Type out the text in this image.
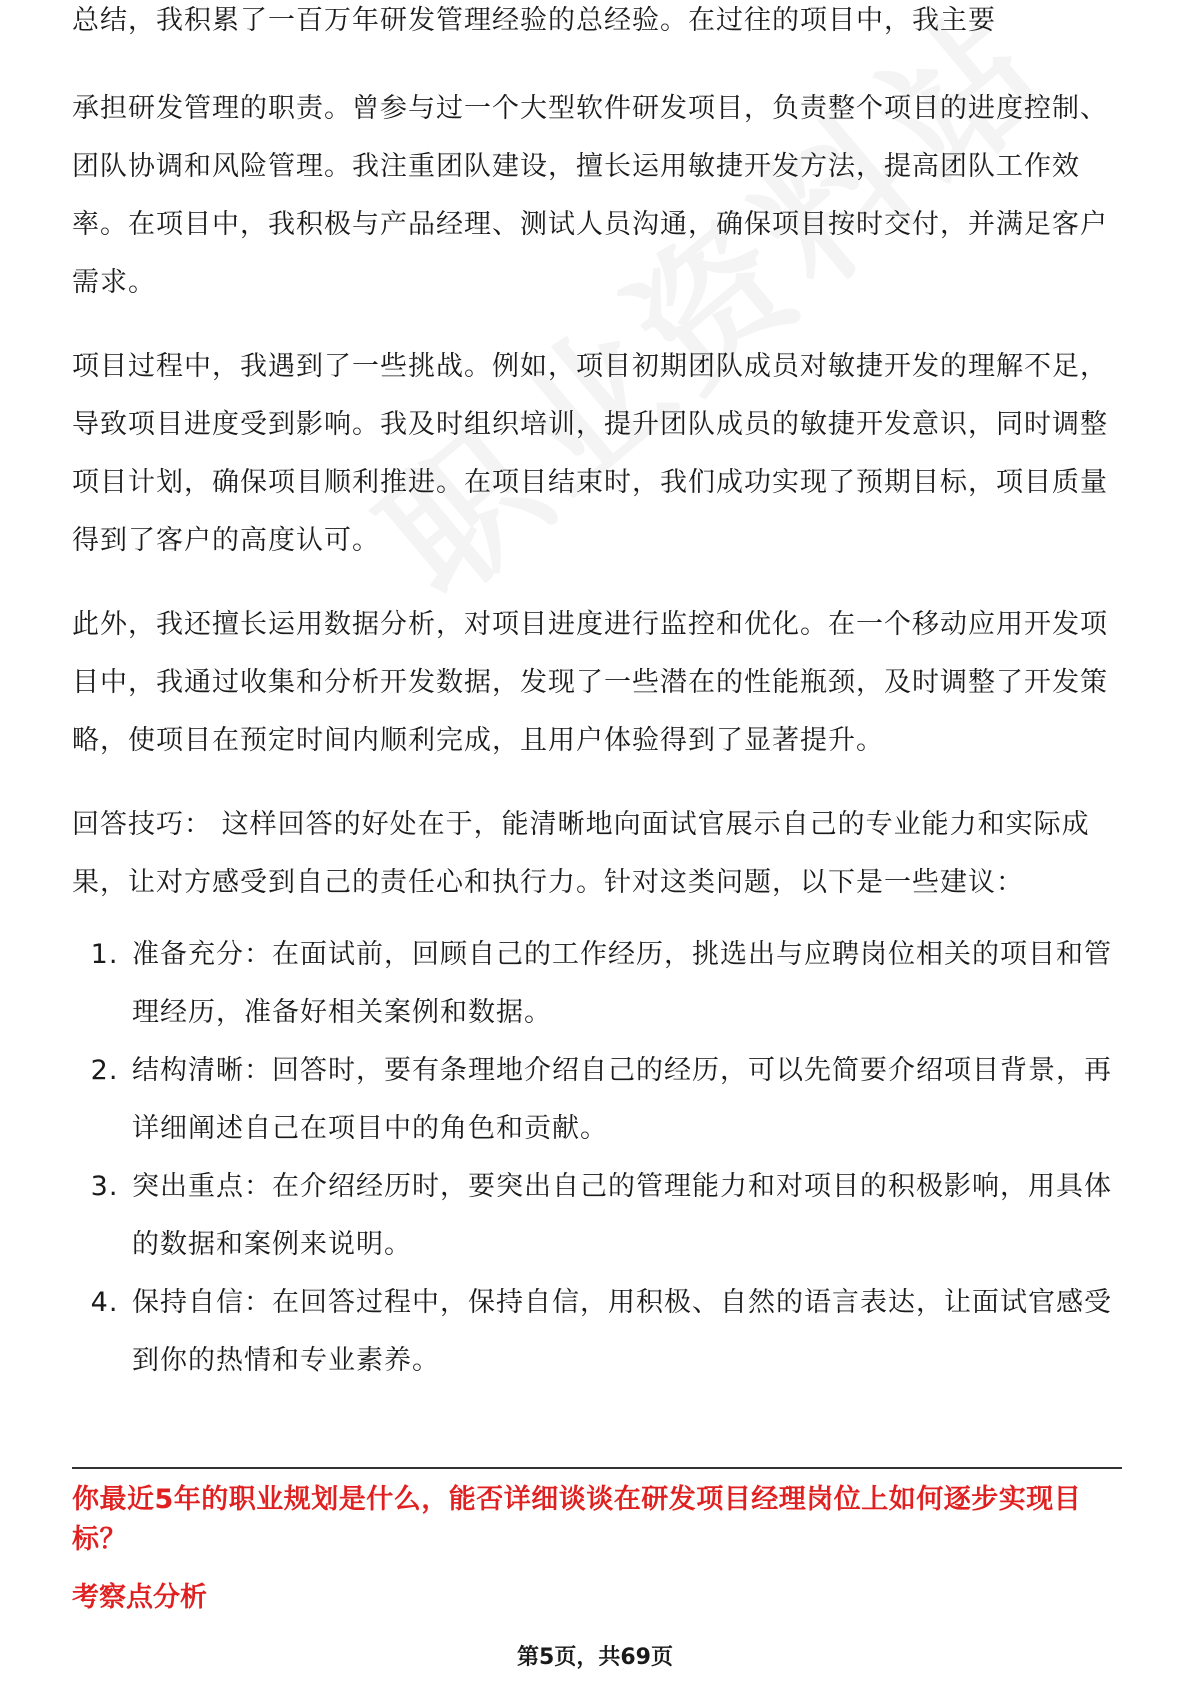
总结，我积累了一百万年研发管理经验的总经验。在过往的项目中，我主要

承担研发管理的职责。曾参与过一个大型软件研发项目，负责整个项目的进度控制、团队协调和风险管理。我注重团队建设，擅长运用敏捷开发方法，提高团队工作效率。在项目中，我积极与产品经理、测试人员沟通，确保项目按时交付，并满足客户需求。

项目过程中，我遇到了一些挑战。例如，项目初期团队成员对敏捷开发的理解不足，导致项目进度受到影响。我及时组织培训，提升团队成员的敏捷开发意识，同时调整项目计划，确保项目顺利推进。在项目结束时，我们成功实现了预期目标，项目质量得到了客户的高度认可。

此外，我还擅长运用数据分析，对项目进度进行监控和优化。在一个移动应用开发项目中，我通过收集和分析开发数据，发现了一些潜在的性能瓶颈，及时调整了开发策略，使项目在预定时间内顺利完成，且用户体验得到了显著提升。

回答技巧： 这样回答的好处在于，能清晰地向面试官展示自己的专业能力和实际成果，让对方感受到自己的责任心和执行力。针对这类问题，以下是一些建议：

1. 准备充分：在面试前，回顾自己的工作经历，挑选出与应聘岗位相关的项目和管理经历，准备好相关案例和数据。
2. 结构清晰：回答时，要有条理地介绍自己的经历，可以先简要介绍项目背景，再详细阐述自己在项目中的角色和贡献。
3. 突出重点：在介绍经历时，要突出自己的管理能力和对项目的积极影响，用具体的数据和案例来说明。
4. 保持自信：在回答过程中，保持自信，用积极、自然的语言表达，让面试官感受到你的热情和专业素养。
你最近5年的职业规划是什么，能否详细谈谈在研发项目经理岗位上如何逐步实现目标？
考察点分析
第5页，共69页
